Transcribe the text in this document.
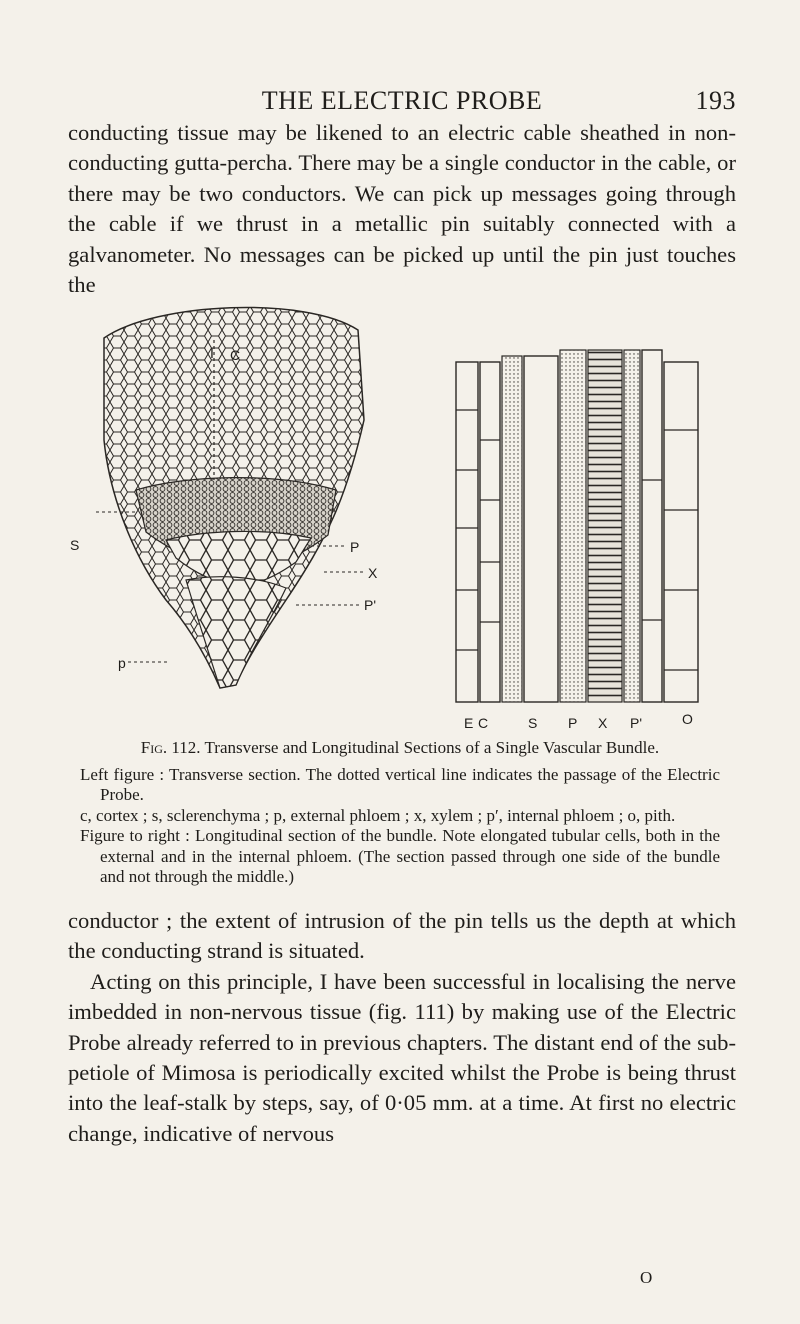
THE ELECTRIC PROBE	193

conducting tissue may be likened to an electric cable sheathed in non-conducting gutta-percha. There may be a single conductor in the cable, or there may be two conductors. We can pick up messages going through the cable if we thrust in a metallic pin suitably connected with a galvanometer. No messages can be picked up until the pin just touches the

I C
S	P
X
P'
p
E C	S P X P'	O
Fig. 112. Transverse and Longitudinal Sections of a Single Vascular Bundle.

Left figure : Transverse section. The dotted vertical line indicates the passage of the Electric Probe.

c, cortex ; s, sclerenchyma ; p, external phloem ; x, xylem ; p′, internal phloem ; o, pith.

Figure to right : Longitudinal section of the bundle. Note elongated tubular cells, both in the external and in the internal phloem. (The section passed through one side of the bundle and not through the middle.)

conductor ; the extent of intrusion of the pin tells us the depth at which the conducting strand is situated.
Acting on this principle, I have been successful in localising the nerve imbedded in non-nervous tissue (fig. 111) by making use of the Electric Probe already referred to in previous chapters. The distant end of the sub-petiole of Mimosa is periodically excited whilst the Probe is being thrust into the leaf-stalk by steps, say, of 0·05 mm. at a time. At first no electric change, indicative of nervous
O
